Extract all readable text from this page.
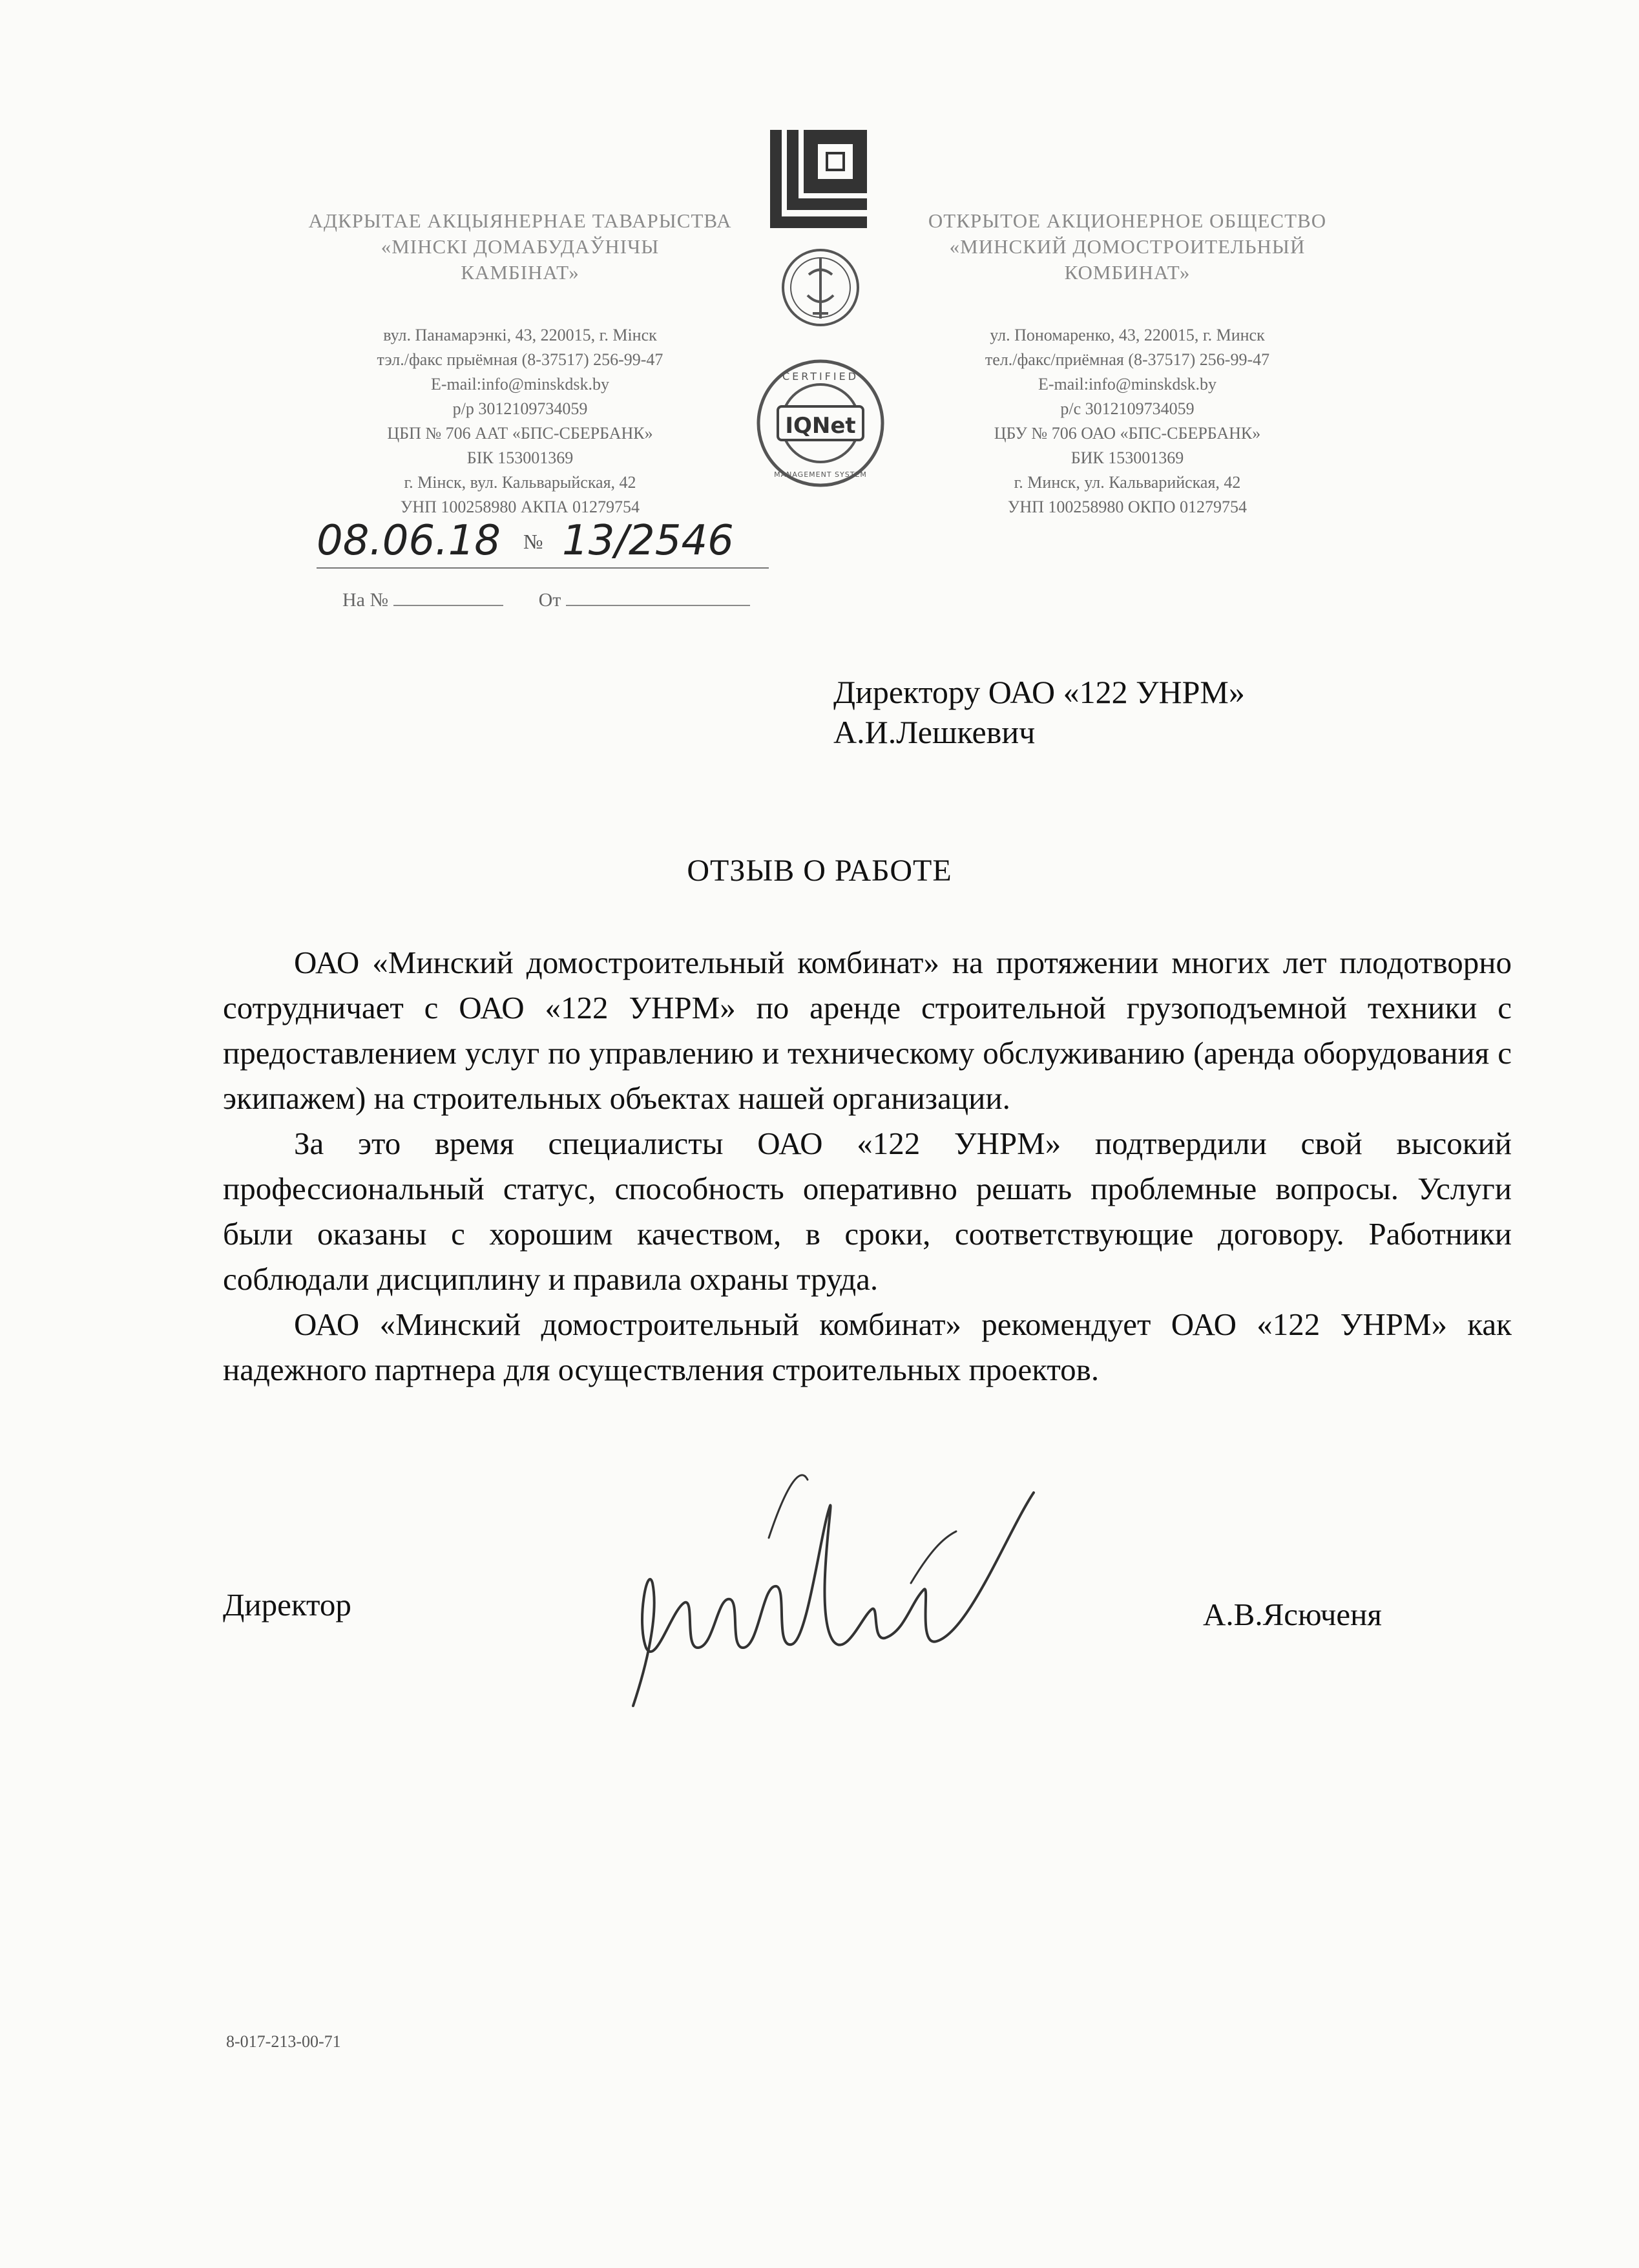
АДКРЫТАЕ АКЦЫЯНЕРНАЕ ТАВАРЫСТВА
«МІНСКІ ДОМАБУДАЎНІЧЫ
КАМБІНАТ»
вул. Панамарэнкі, 43, 220015, г. Мінск
тэл./факс прыёмная (8-37517) 256-99-47
E-mail:info@minskdsk.by
р/р 3012109734059
ЦБП № 706 ААТ «БПС-СБЕРБАНК»
БІК 153001369
г. Мінск, вул. Кальварыйская, 42
УНП 100258980 АКПА 01279754
IQNet
CERTIFIED
MANAGEMENT SYSTEM
ОТКРЫТОЕ АКЦИОНЕРНОЕ ОБЩЕСТВО
«МИНСКИЙ ДОМОСТРОИТЕЛЬНЫЙ
КОМБИНАТ»
ул. Пономаренко, 43, 220015, г. Минск
тел./факс/приёмная (8-37517) 256-99-47
E-mail:info@minskdsk.by
р/с 3012109734059
ЦБУ № 706 ОАО «БПС-СБЕРБАНК»
БИК 153001369
г. Минск, ул. Кальварийская, 42
УНП 100258980 ОКПО 01279754
08.06.18 № 13/2546
На №	От
Директору ОАО «122 УНРМ»
А.И.Лешкевич
ОТЗЫВ О РАБОТЕ

ОАО «Минский домостроительный комбинат» на протяжении многих лет плодотворно сотрудничает с ОАО «122 УНРМ» по аренде строительной грузоподъемной техники с предоставлением услуг по управлению и техническому обслуживанию (аренда оборудования с экипажем) на строительных объектах нашей организации.

За это время специалисты ОАО «122 УНРМ» подтвердили свой высокий профессиональный статус, способность оперативно решать проблемные вопросы. Услуги были оказаны с хорошим качеством, в сроки, соответствующие договору. Работники соблюдали дисциплину и правила охраны труда.

ОАО «Минский домостроительный комбинат» рекомендует ОАО «122 УНРМ» как надежного партнера для осуществления строительных проектов.

Директор	А.В.Ясюченя
8-017-213-00-71
